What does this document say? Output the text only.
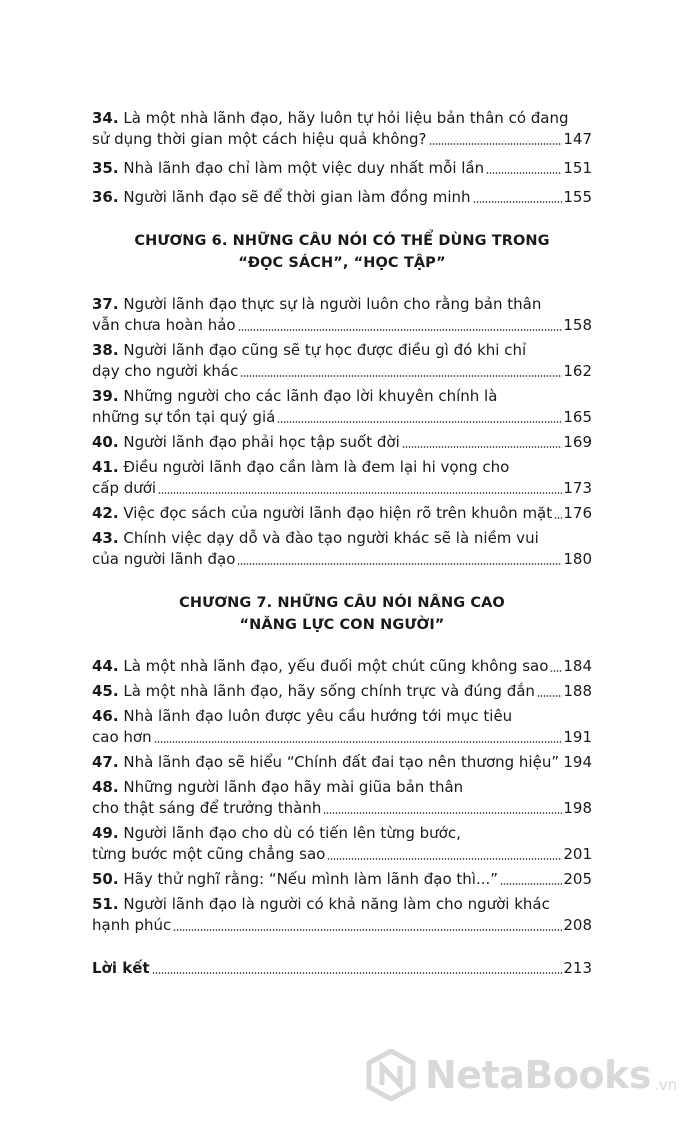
34. Là một nhà lãnh đạo, hãy luôn tự hỏi liệu bản thân có đang
sử dụng thời gian một cách hiệu quả không?	147
35. Nhà lãnh đạo chỉ làm một việc duy nhất mỗi lần	151
36. Người lãnh đạo sẽ để thời gian làm đồng minh	155
CHƯƠNG 6. NHỮNG CÂU NÓI CÓ THỂ DÙNG TRONG
“ĐỌC SÁCH”, “HỌC TẬP”
37. Người lãnh đạo thực sự là người luôn cho rằng bản thân
vẫn chưa hoàn hảo	158
38. Người lãnh đạo cũng sẽ tự học được điều gì đó khi chỉ
dạy cho người khác	162
39. Những người cho các lãnh đạo lời khuyên chính là
những sự tồn tại quý giá	165
40. Người lãnh đạo phải học tập suốt đời	169
41. Điều người lãnh đạo cần làm là đem lại hi vọng cho
cấp dưới	173
42. Việc đọc sách của người lãnh đạo hiện rõ trên khuôn mặt 176
43. Chính việc dạy dỗ và đào tạo người khác sẽ là niềm vui
của người lãnh đạo	180
CHƯƠNG 7. NHỮNG CÂU NÓI NÂNG CAO
“NĂNG LỰC CON NGƯỜI”
44. Là một nhà lãnh đạo, yếu đuối một chút cũng không sao 184
45. Là một nhà lãnh đạo, hãy sống chính trực và đúng đắn 188
46. Nhà lãnh đạo luôn được yêu cầu hướng tới mục tiêu
cao hơn	191
47. Nhà lãnh đạo sẽ hiểu “Chính đất đai tạo nên thương hiệu” 194
48. Những người lãnh đạo hãy mài giũa bản thân
cho thật sáng để trưởng thành	198
49. Người lãnh đạo cho dù có tiến lên từng bước,
từng bước một cũng chẳng sao	201
50. Hãy thử nghĩ rằng: “Nếu mình làm lãnh đạo thì...”	205
51. Người lãnh đạo là người có khả năng làm cho người khác
hạnh phúc	208
Lời kết	213
NetaBooks .vn
